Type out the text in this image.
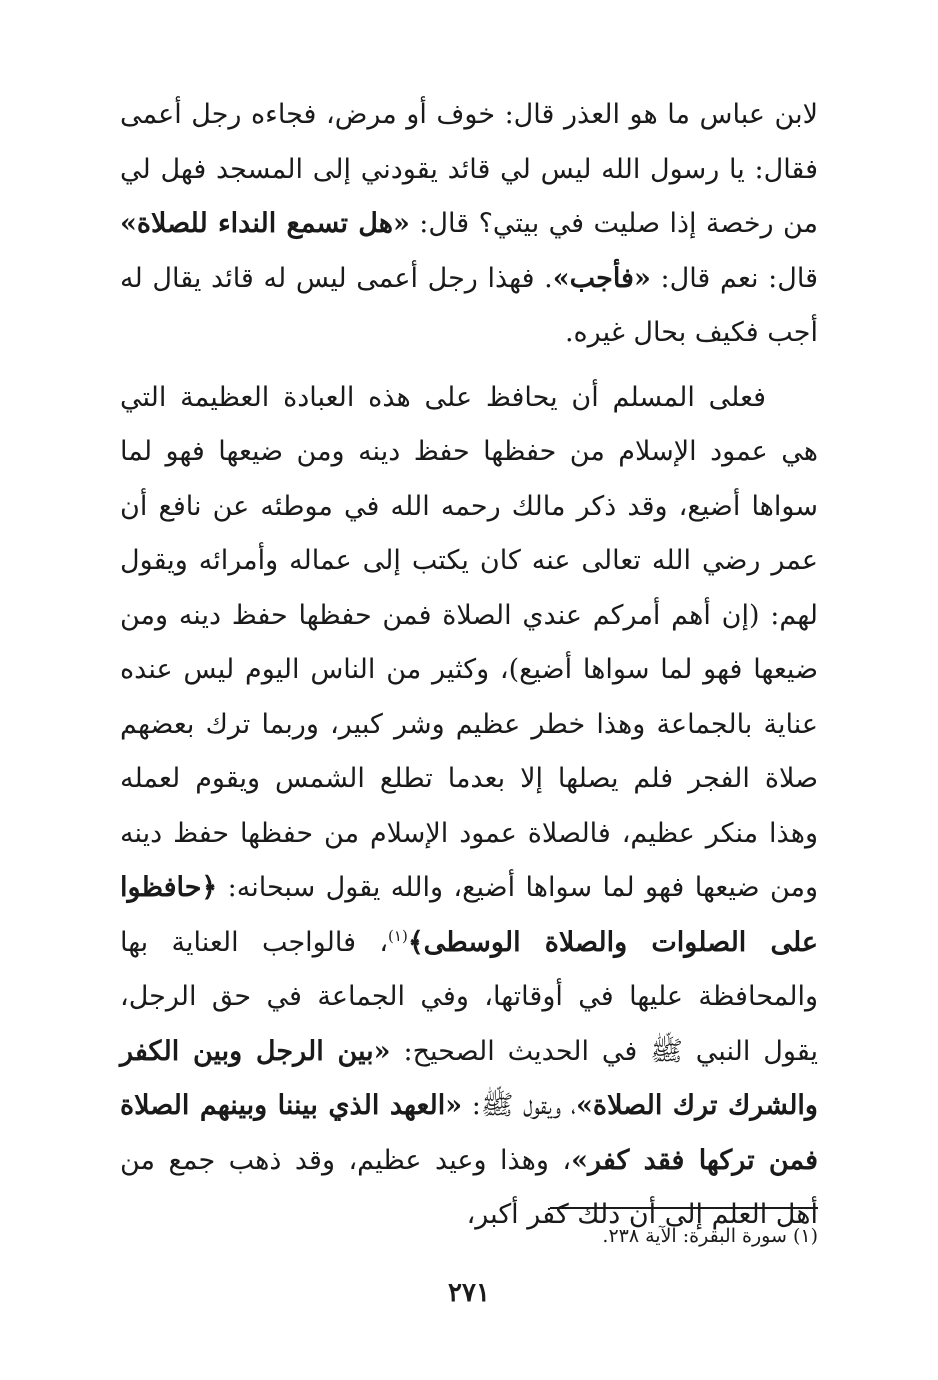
لابن عباس ما هو العذر قال: خوف أو مرض، فجاءه رجل أعمى فقال: يا رسول الله ليس لي قائد يقودني إلى المسجد فهل لي من رخصة إذا صليت في بيتي؟ قال: «هل تسمع النداء للصلاة» قال: نعم قال: «فأجب». فهذا رجل أعمى ليس له قائد يقال له أجب فكيف بحال غيره.

فعلى المسلم أن يحافظ على هذه العبادة العظيمة التي هي عمود الإسلام من حفظها حفظ دينه ومن ضيعها فهو لما سواها أضيع، وقد ذكر مالك رحمه الله في موطئه عن نافع أن عمر رضي الله تعالى عنه كان يكتب إلى عماله وأمرائه ويقول لهم: (إن أهم أمركم عندي الصلاة فمن حفظها حفظ دينه ومن ضيعها فهو لما سواها أضيع)، وكثير من الناس اليوم ليس عنده عناية بالجماعة وهذا خطر عظيم وشر كبير، وربما ترك بعضهم صلاة الفجر فلم يصلها إلا بعدما تطلع الشمس ويقوم لعمله وهذا منكر عظيم، فالصلاة عمود الإسلام من حفظها حفظ دينه ومن ضيعها فهو لما سواها أضيع، والله يقول سبحانه: ﴿حافظوا على الصلوات والصلاة الوسطى﴾$^{(١)}$، فالواجب العناية بها والمحافظة عليها في أوقاتها، وفي الجماعة في حق الرجل، يقول النبي ﷺ في الحديث الصحيح: «بين الرجل وبين الكفر والشرك ترك الصلاة»، ويقول ﷺ: «العهد الذي بيننا وبينهم الصلاة فمن تركها فقد كفر»، وهذا وعيد عظيم، وقد ذهب جمع من أهل العلم إلى أن ذلك كفر أكبر،

(١) سورة البقرة: الآية ٢٣٨.

٢٧١
